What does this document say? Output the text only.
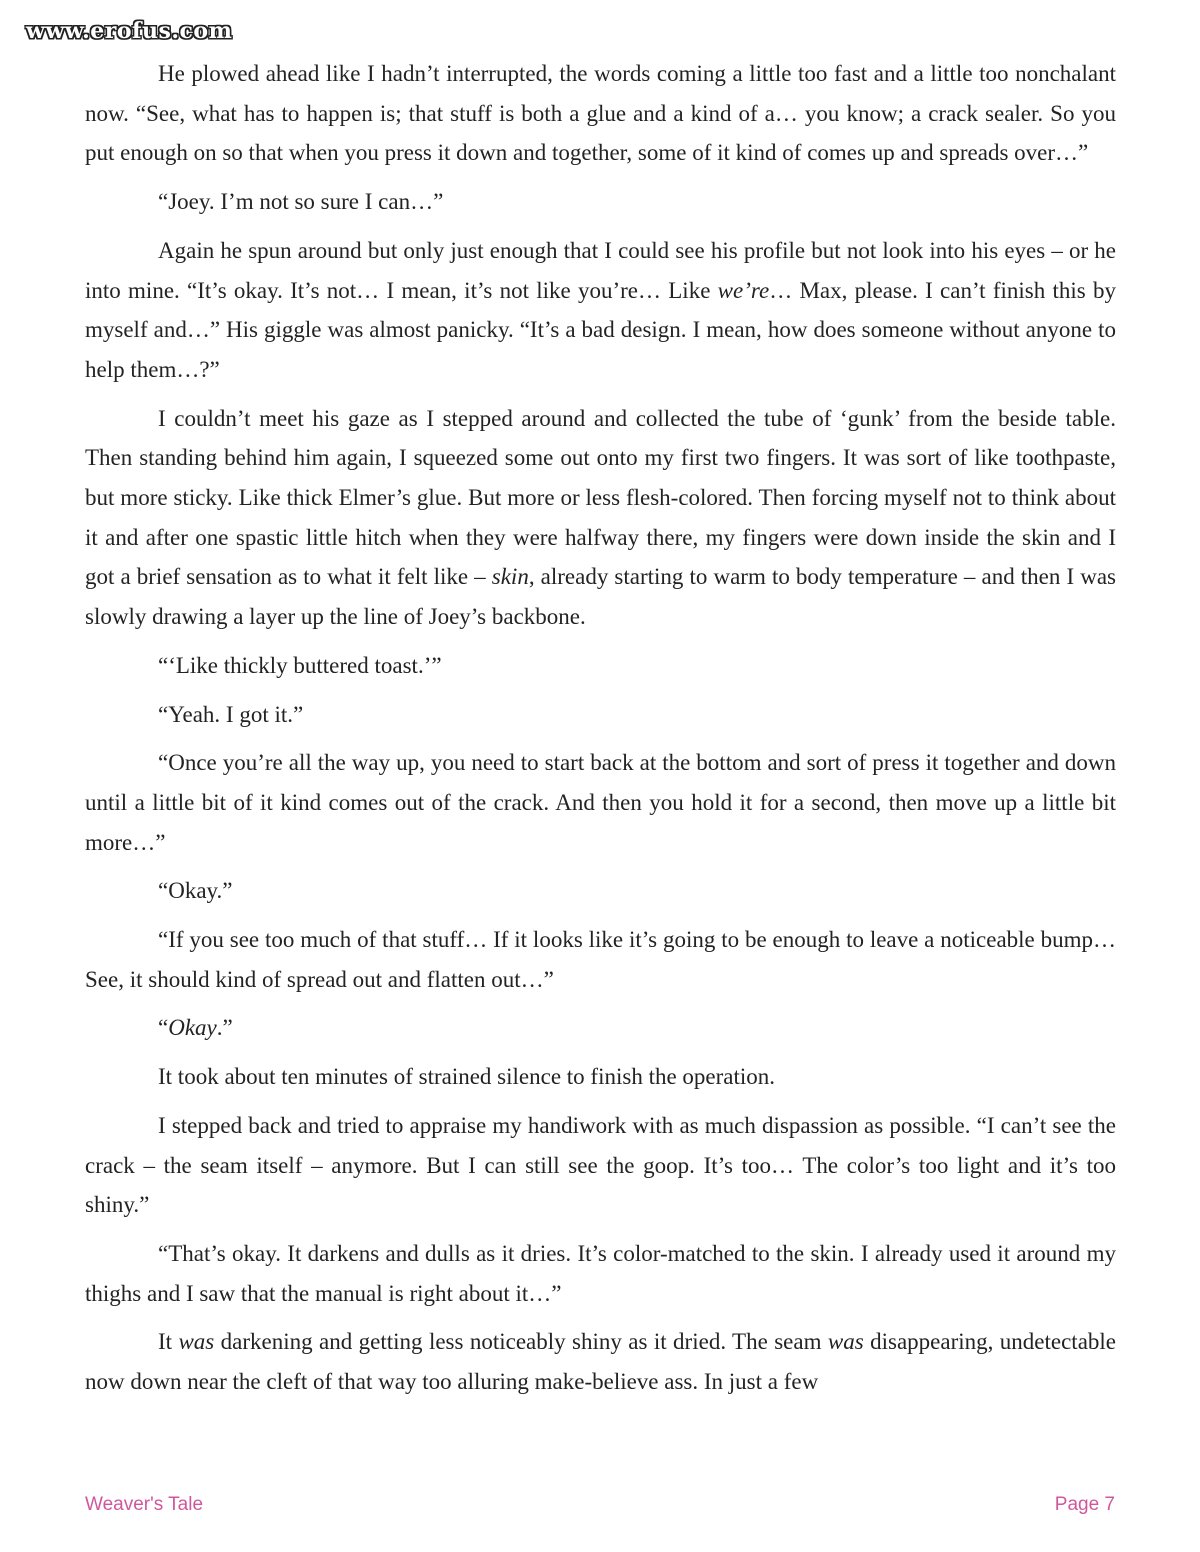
www.erofus.com

He plowed ahead like I hadn’t interrupted, the words coming a little too fast and a little too nonchalant now. “See, what has to happen is; that stuff is both a glue and a kind of a… you know; a crack sealer. So you put enough on so that when you press it down and together, some of it kind of comes up and spreads over…”

“Joey. I’m not so sure I can…”

Again he spun around but only just enough that I could see his profile but not look into his eyes – or he into mine. “It’s okay. It’s not… I mean, it’s not like you’re… Like we’re… Max, please. I can’t finish this by myself and…” His giggle was almost panicky. “It’s a bad design. I mean, how does someone without anyone to help them…?”

I couldn’t meet his gaze as I stepped around and collected the tube of ‘gunk’ from the beside table. Then standing behind him again, I squeezed some out onto my first two fingers. It was sort of like toothpaste, but more sticky. Like thick Elmer’s glue. But more or less flesh-colored. Then forcing myself not to think about it and after one spastic little hitch when they were halfway there, my fingers were down inside the skin and I got a brief sensation as to what it felt like – skin, already starting to warm to body temperature – and then I was slowly drawing a layer up the line of Joey’s backbone.

“‘Like thickly buttered toast.’”

“Yeah. I got it.”

“Once you’re all the way up, you need to start back at the bottom and sort of press it together and down until a little bit of it kind comes out of the crack. And then you hold it for a second, then move up a little bit more…”

“Okay.”

“If you see too much of that stuff… If it looks like it’s going to be enough to leave a noticeable bump… See, it should kind of spread out and flatten out…”

“Okay.”

It took about ten minutes of strained silence to finish the operation.

I stepped back and tried to appraise my handiwork with as much dispassion as possible. “I can’t see the crack – the seam itself – anymore. But I can still see the goop. It’s too… The color’s too light and it’s too shiny.”

“That’s okay. It darkens and dulls as it dries. It’s color-matched to the skin. I already used it around my thighs and I saw that the manual is right about it…”

It was darkening and getting less noticeably shiny as it dried. The seam was disappearing, undetectable now down near the cleft of that way too alluring make-believe ass. In just a few

Weaver's Tale	Page 7
